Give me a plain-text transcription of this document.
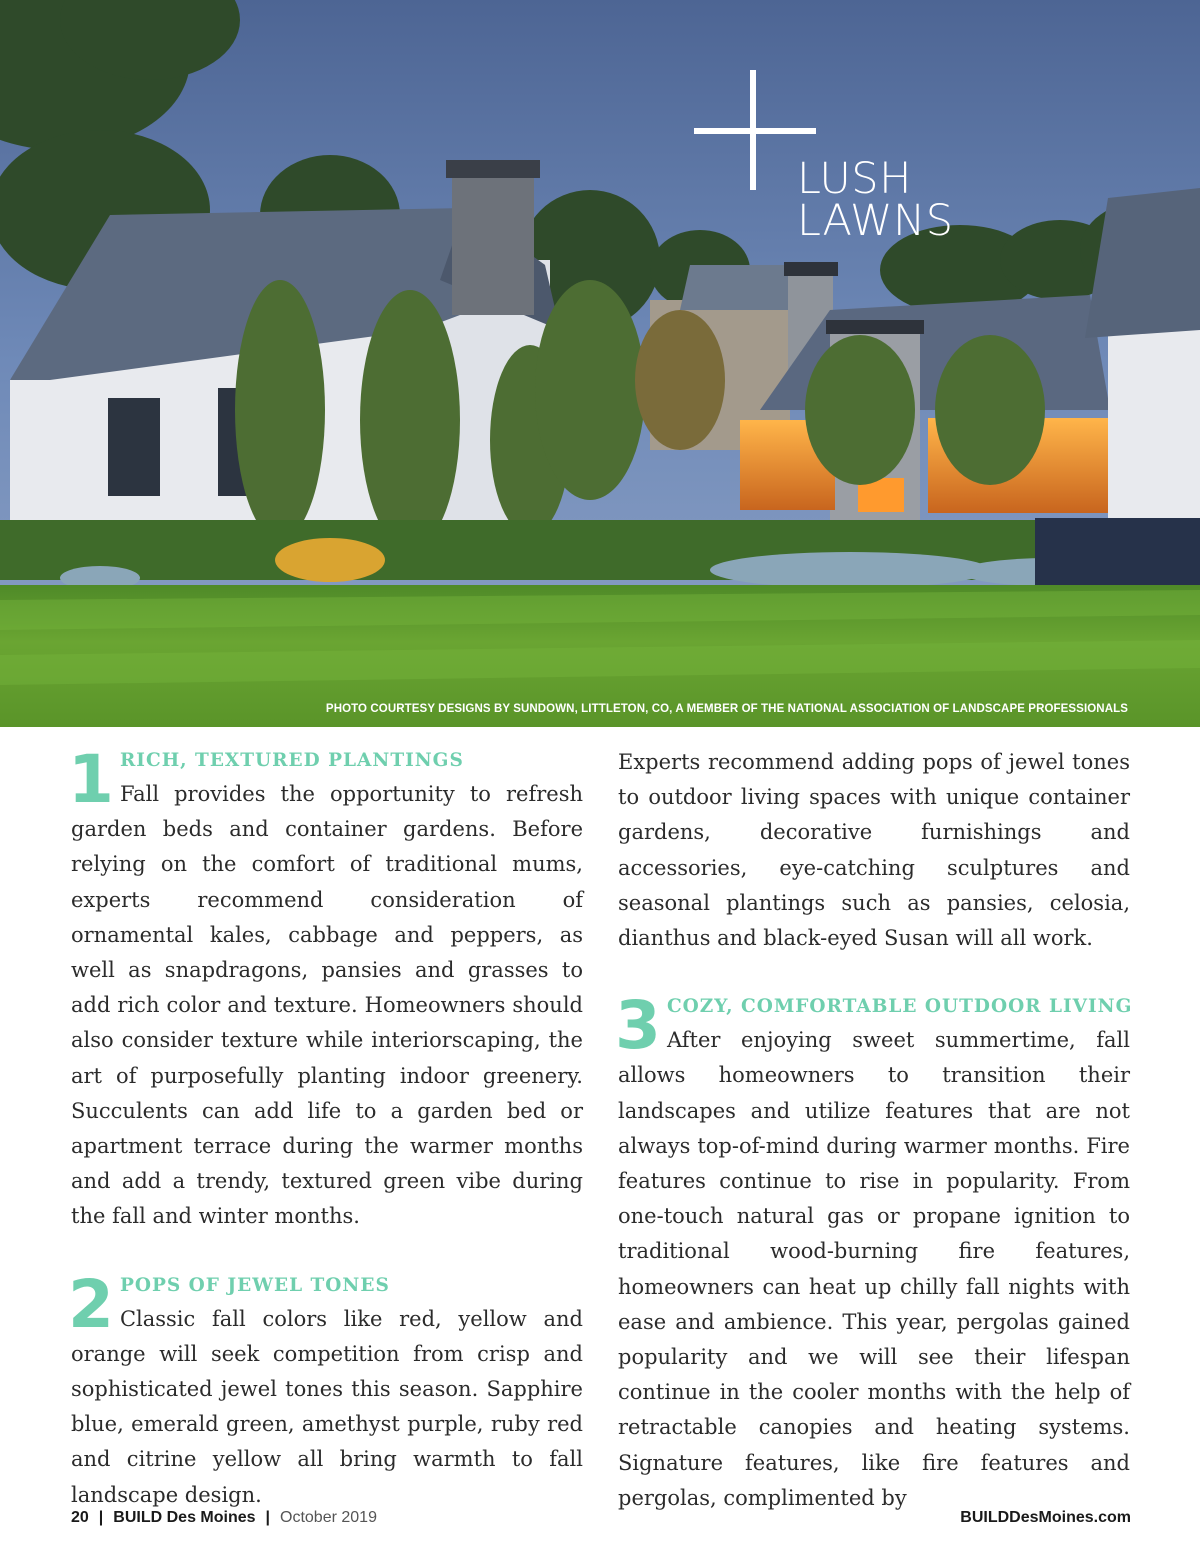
LUSH
LAWNS
PHOTO COURTESY DESIGNS BY SUNDOWN, LITTLETON, CO, A MEMBER OF THE NATIONAL ASSOCIATION OF LANDSCAPE PROFESSIONALS
1 RICH, TEXTURED PLANTINGS
Fall provides the opportunity to refresh garden beds and container gardens. Before relying on the comfort of traditional mums, experts recommend consideration of ornamental kales, cabbage and peppers, as well as snapdragons, pansies and grasses to add rich color and texture. Homeowners should also consider texture while interiorscaping, the art of purposefully planting indoor greenery. Succulents can add life to a garden bed or apartment terrace during the warmer months and add a trendy, textured green vibe during the fall and winter months.
2 POPS OF JEWEL TONES
Classic fall colors like red, yellow and orange will seek competition from crisp and sophisticated jewel tones this season. Sapphire blue, emerald green, amethyst purple, ruby red and citrine yellow all bring warmth to fall landscape design.
Experts recommend adding pops of jewel tones to outdoor living spaces with unique container gardens, decorative furnishings and accessories, eye-catching sculptures and seasonal plantings such as pansies, celosia, dianthus and black-eyed Susan will all work.
3 COZY, COMFORTABLE OUTDOOR LIVING
After enjoying sweet summertime, fall allows homeowners to transition their landscapes and utilize features that are not always top-of-mind during warmer months. Fire features continue to rise in popularity. From one-touch natural gas or propane ignition to traditional wood-burning fire features, homeowners can heat up chilly fall nights with ease and ambience. This year, pergolas gained popularity and we will see their lifespan continue in the cooler months with the help of retractable canopies and heating systems. Signature features, like fire features and pergolas, complimented by
20 | BUILD Des Moines | October 2019	BUILDDesMoines.com
